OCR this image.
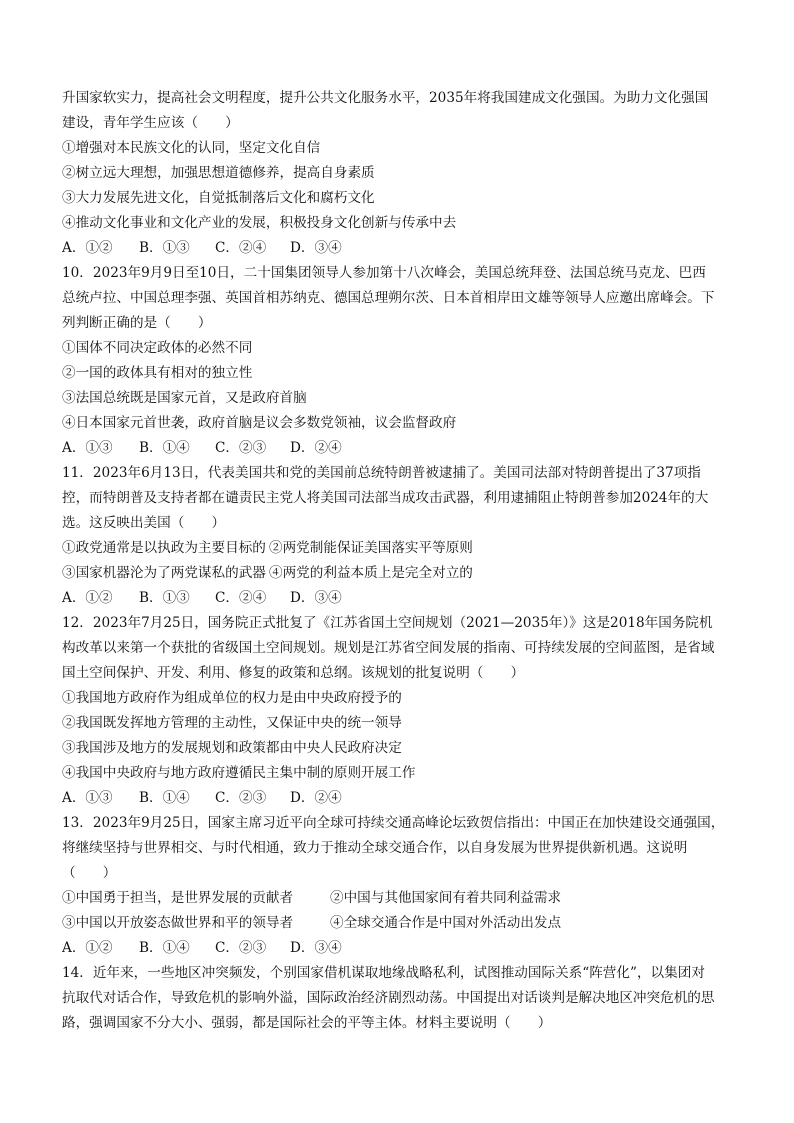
升国家软实力，提高社会文明程度，提升公共文化服务水平，2035年将我国建成文化强国。为助力文化强国
建设，青年学生应该（　　）
①增强对本民族文化的认同，坚定文化自信
②树立远大理想，加强思想道德修养，提高自身素质
③大力发展先进文化，自觉抵制落后文化和腐朽文化
④推动文化事业和文化产业的发展，积极投身文化创新与传承中去
A．①②	B．①③	C．②④	D．③④
10．2023年9月9日至10日，二十国集团领导人参加第十八次峰会，美国总统拜登、法国总统马克龙、巴西
总统卢拉、中国总理李强、英国首相苏纳克、德国总理朔尔茨、日本首相岸田文雄等领导人应邀出席峰会。下
列判断正确的是（　　）
①国体不同决定政体的必然不同
②一国的政体具有相对的独立性
③法国总统既是国家元首，又是政府首脑
④日本国家元首世袭，政府首脑是议会多数党领袖，议会监督政府
A．①③	B．①④	C．②③	D．②④
11．2023年6月13日，代表美国共和党的美国前总统特朗普被逮捕了。美国司法部对特朗普提出了37项指
控，而特朗普及支持者都在谴责民主党人将美国司法部当成攻击武器，利用逮捕阻止特朗普参加2024年的大
选。这反映出美国（　　）
①政党通常是以执政为主要目标的 ②两党制能保证美国落实平等原则
③国家机器沦为了两党谋私的武器 ④两党的利益本质上是完全对立的
A．①②	B．①③	C．②④	D．③④
12．2023年7月25日，国务院正式批复了《江苏省国土空间规划（2021—2035年）》这是2018年国务院机
构改革以来第一个获批的省级国土空间规划。规划是江苏省空间发展的指南、可持续发展的空间蓝图，是省域
国土空间保护、开发、利用、修复的政策和总纲。该规划的批复说明（　　）
①我国地方政府作为组成单位的权力是由中央政府授予的
②我国既发挥地方管理的主动性，又保证中央的统一领导
③我国涉及地方的发展规划和政策都由中央人民政府决定
④我国中央政府与地方政府遵循民主集中制的原则开展工作
A．①③	B．①④	C．②③	D．②④
13．2023年9月25日，国家主席习近平向全球可持续交通高峰论坛致贺信指出：中国正在加快建设交通强国，
将继续坚持与世界相交、与时代相通，致力于推动全球交通合作，以自身发展为世界提供新机遇。这说明
（　　）
①中国勇于担当，是世界发展的贡献者	②中国与其他国家间有着共同利益需求
③中国以开放姿态做世界和平的领导者	④全球交通合作是中国对外活动出发点
A．①②	B．①④	C．②③	D．③④
14．近年来，一些地区冲突频发，个别国家借机谋取地缘战略私利，试图推动国际关系“阵营化”，以集团对
抗取代对话合作，导致危机的影响外溢，国际政治经济剧烈动荡。中国提出对话谈判是解决地区冲突危机的思
路，强调国家不分大小、强弱，都是国际社会的平等主体。材料主要说明（　　）
